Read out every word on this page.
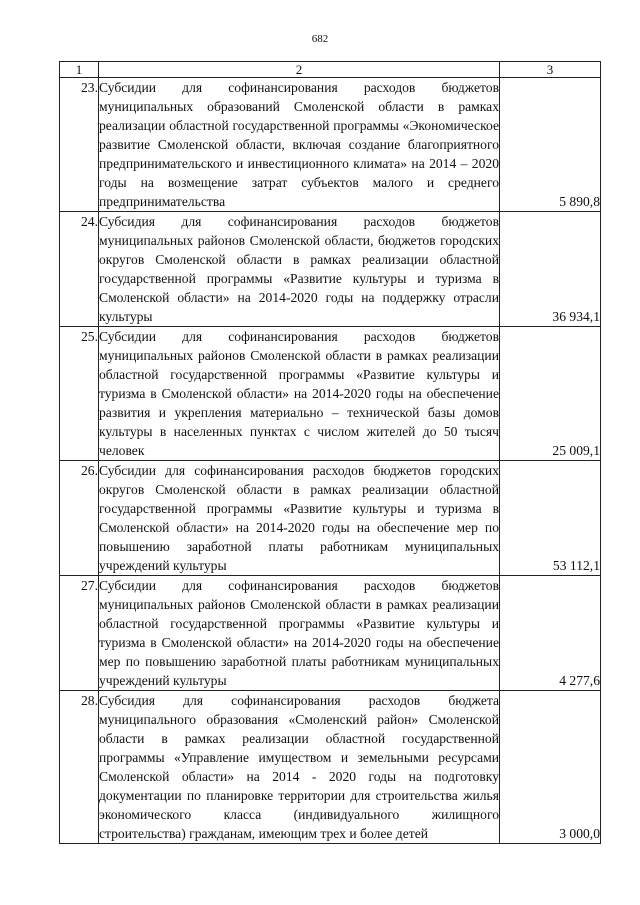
682
1	2	3
23.	Субсидии для софинансирования расходов бюджетов муниципальных образований Смоленской области в рамках реализации областной государственной программы «Экономическое развитие Смоленской области, включая создание благоприятного предпринимательского и инвестиционного климата» на 2014 – 2020 годы на возмещение затрат субъектов малого и среднего предпринимательства	5 890,8
24.	Субсидия для софинансирования расходов бюджетов муниципальных районов Смоленской области, бюджетов городских округов Смоленской области в рамках реализации областной государственной программы «Развитие культуры и туризма в Смоленской области» на 2014-2020 годы на поддержку отрасли культуры	36 934,1
25.	Субсидии для софинансирования расходов бюджетов муниципальных районов Смоленской области в рамках реализации областной государственной программы «Развитие культуры и туризма в Смоленской области» на 2014-2020 годы на обеспечение развития и укрепления материально – технической базы домов культуры в населенных пунктах с числом жителей до 50 тысяч человек	25 009,1
26.	Субсидии для софинансирования расходов бюджетов городских округов Смоленской области в рамках реализации областной государственной программы «Развитие культуры и туризма в Смоленской области» на 2014-2020 годы на обеспечение мер по повышению заработной платы работникам муниципальных учреждений культуры	53 112,1
27.	Субсидии для софинансирования расходов бюджетов муниципальных районов Смоленской области в рамках реализации областной государственной программы «Развитие культуры и туризма в Смоленской области» на 2014-2020 годы на обеспечение мер по повышению заработной платы работникам муниципальных учреждений культуры	4 277,6
28.	Субсидия для софинансирования расходов бюджета муниципального образования «Смоленский район» Смоленской области в рамках реализации областной государственной программы «Управление имуществом и земельными ресурсами Смоленской области» на 2014 - 2020 годы на подготовку документации по планировке территории для строительства жилья экономического класса (индивидуального жилищного строительства) гражданам, имеющим трех и более детей	3 000,0
